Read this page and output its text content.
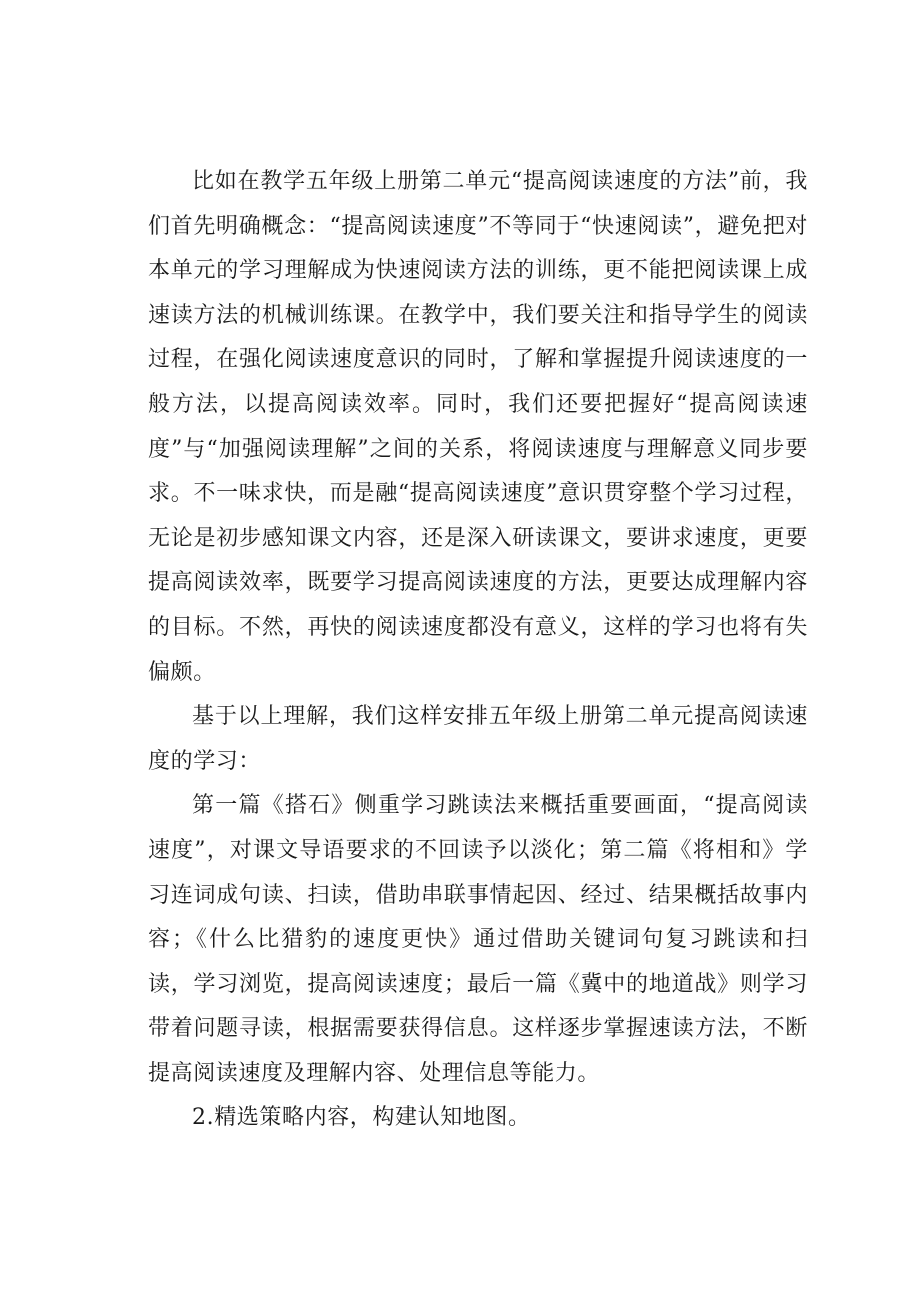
比如在教学五年级上册第二单元“提高阅读速度的方法”前，我们首先明确概念：“提高阅读速度”不等同于“快速阅读”，避免把对本单元的学习理解成为快速阅读方法的训练，更不能把阅读课上成速读方法的机械训练课。在教学中，我们要关注和指导学生的阅读过程，在强化阅读速度意识的同时，了解和掌握提升阅读速度的一般方法，以提高阅读效率。同时，我们还要把握好“提高阅读速度”与“加强阅读理解”之间的关系，将阅读速度与理解意义同步要求。不一味求快，而是融“提高阅读速度”意识贯穿整个学习过程，无论是初步感知课文内容，还是深入研读课文，要讲求速度，更要提高阅读效率，既要学习提高阅读速度的方法，更要达成理解内容的目标。不然，再快的阅读速度都没有意义，这样的学习也将有失偏颇。

基于以上理解，我们这样安排五年级上册第二单元提高阅读速度的学习：

第一篇《搭石》侧重学习跳读法来概括重要画面，“提高阅读速度”，对课文导语要求的不回读予以淡化；第二篇《将相和》学习连词成句读、扫读，借助串联事情起因、经过、结果概括故事内容；《什么比猎豹的速度更快》通过借助关键词句复习跳读和扫读，学习浏览，提高阅读速度；最后一篇《冀中的地道战》则学习带着问题寻读，根据需要获得信息。这样逐步掌握速读方法，不断提高阅读速度及理解内容、处理信息等能力。

2.精选策略内容，构建认知地图。
